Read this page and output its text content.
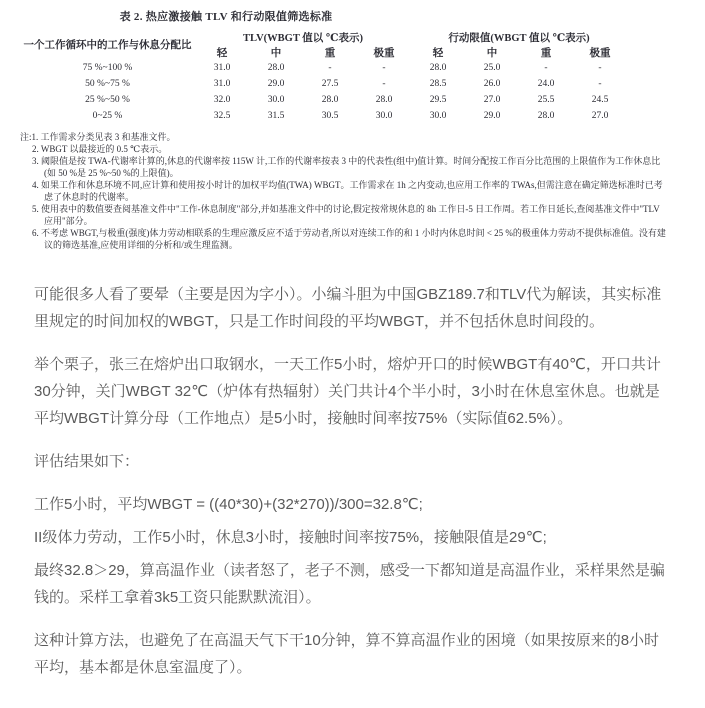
表 2. 热应激接触 TLV 和行动限值筛选标准
一个工作循环中的工作与休息分配比	TLV(WBGT 值以 ℃表示)				行动限值(WBGT 值以 ℃表示)			
	轻	中	重	极重	轻	中	重	极重
75 %~100 %	31.0	28.0	-	-	28.0	25.0	-	-
50 %~75 %	31.0	29.0	27.5	-	28.5	26.0	24.0	-
25 %~50 %	32.0	30.0	28.0	28.0	29.5	27.0	25.5	24.5
0~25 %	32.5	31.5	30.5	30.0	30.0	29.0	28.0	27.0
注:1. 工作需求分类见表 3 和基准文件。
2. WBGT 以最接近的 0.5 ℃表示。
3. 阈限值是按 TWA-代谢率计算的,休息的代谢率按 115W 计,工作的代谢率按表 3 中的代表性(组中)值计算。时间分配按工作百分比范围的上限值作为工作休息比(如 50 %是 25 %~50 %的上限值)。
4. 如果工作和休息环境不同,应计算和使用按小时计的加权平均值(TWA) WBGT。工作需求在 1h 之内变动,也应用工作率的 TWAs,但需注意在确定筛选标准时已考虑了休息时的代谢率。
5. 使用表中的数值要查阅基准文件中"工作-休息制度"部分,并如基准文件中的讨论,假定按常规休息的 8h 工作日-5 日工作周。若工作日延长,查阅基准文件中"TLV 应用"部分。
6. 不考虑 WBGT,与极重(强度)体力劳动相联系的生理应激反应不适于劳动者,所以对连续工作的和 1 小时内休息时间 < 25 %的极重体力劳动不提供标准值。没有建议的筛选基准,应使用详细的分析和/或生理监测。

可能很多人看了要晕（主要是因为字小）。小编斗胆为中国GBZ189.7和TLV代为解读，其实标准里规定的时间加权的WBGT，只是工作时间段的平均WBGT，并不包括休息时间段的。

举个栗子，张三在熔炉出口取钢水，一天工作5小时，熔炉开口的时候WBGT有40℃，开口共计30分钟，关门WBGT 32℃（炉体有热辐射）关门共计4个半小时，3小时在休息室休息。也就是平均WBGT计算分母（工作地点）是5小时，接触时间率按75%（实际值62.5%）。

评估结果如下：

工作5小时，平均WBGT = ((40*30)+(32*270))/300=32.8℃;

II级体力劳动，工作5小时，休息3小时，接触时间率按75%，接触限值是29℃;

最终32.8＞29，算高温作业（读者怒了，老子不测，感受一下都知道是高温作业，采样果然是骗钱的。采样工拿着3k5工资只能默默流泪）。

这种计算方法，也避免了在高温天气下干10分钟，算不算高温作业的困境（如果按原来的8小时平均，基本都是休息室温度了）。
